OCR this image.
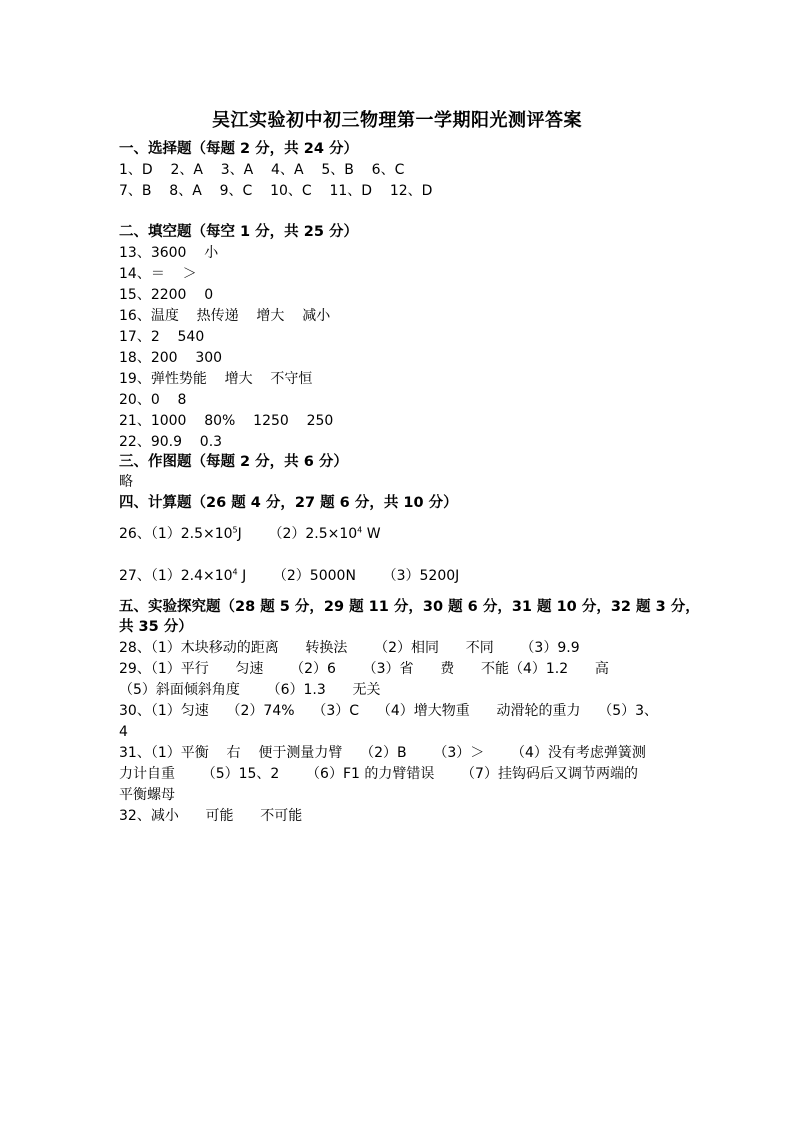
吴江实验初中初三物理第一学期阳光测评答案
一、选择题（每题 2 分，共 24 分）
1、D    2、A    3、A    4、A    5、B    6、C
7、B    8、A    9、C    10、C    11、D    12、D
二、填空题（每空 1 分，共 25 分）
13、3600    小
14、＝    ＞
15、2200    0
16、温度    热传递    增大    减小
17、2    540
18、200    300
19、弹性势能    增大    不守恒
20、0    8
21、1000    80%    1250    250
22、90.9    0.3
三、作图题（每题 2 分，共 6 分）
略
四、计算题（26 题 4 分，27 题 6 分，共 10 分）
26、$(1)2.5\times 10^5J$      $(2)2.5\times 10^4$ W
27、$(1)2.4\times 10^4$ J      （2）5000N      （3）5200J
五、实验探究题（28 题 5 分，29 题 11 分，30 题 6 分，31 题 10 分，32 题 3 分，
共 35 分）
28、（1）木块移动的距离      转换法      （2）相同      不同      （3）9.9
29、（1）平行      匀速      （2）6      （3）省      费      不能（4）1.2      高
（5）斜面倾斜角度      （6）1.3      无关
30、（1）匀速    （2）74%    （3）C    （4）增大物重      动滑轮的重力    （5）3、
4
31、（1）平衡    右    便于测量力臂    （2）B      （3）＞      （4）没有考虑弹簧测
力计自重      （5）15、2      （6）F1 的力臂错误      （7）挂钩码后又调节两端的
平衡螺母
32、减小      可能      不可能
